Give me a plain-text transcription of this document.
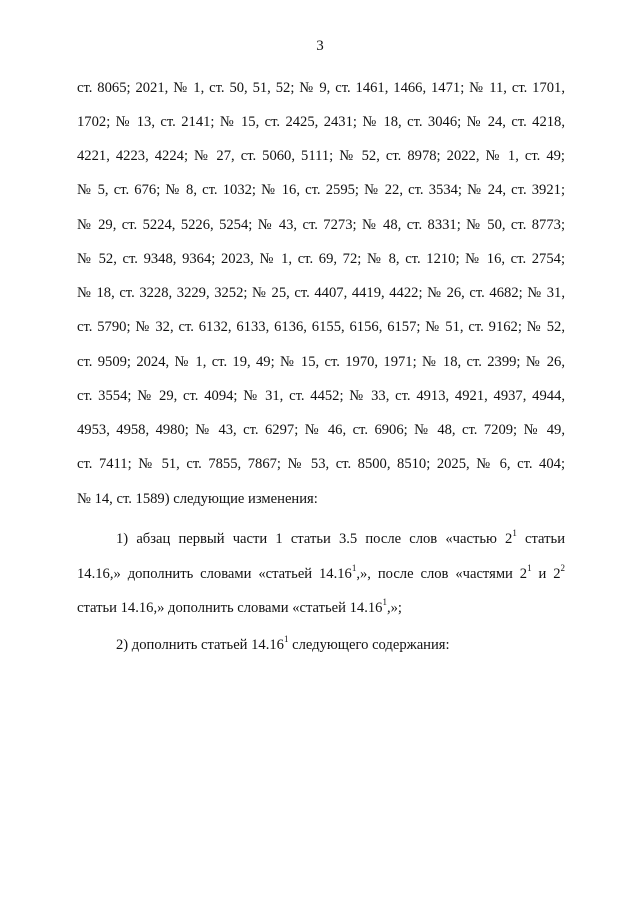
3
ст. 8065; 2021, № 1, ст. 50, 51, 52; № 9, ст. 1461, 1466, 1471; № 11, ст. 1701,
1702; № 13, ст. 2141; № 15, ст. 2425, 2431; № 18, ст. 3046; № 24, ст. 4218,
4221, 4223, 4224; № 27, ст. 5060, 5111; № 52, ст. 8978; 2022, № 1, ст. 49;
№ 5, ст. 676; № 8, ст. 1032; № 16, ст. 2595; № 22, ст. 3534; № 24, ст. 3921;
№ 29, ст. 5224, 5226, 5254; № 43, ст. 7273; № 48, ст. 8331; № 50, ст. 8773;
№ 52, ст. 9348, 9364; 2023, № 1, ст. 69, 72; № 8, ст. 1210; № 16, ст. 2754;
№ 18, ст. 3228, 3229, 3252; № 25, ст. 4407, 4419, 4422; № 26, ст. 4682; № 31,
ст. 5790; № 32, ст. 6132, 6133, 6136, 6155, 6156, 6157; № 51, ст. 9162; № 52,
ст. 9509; 2024, № 1, ст. 19, 49; № 15, ст. 1970, 1971; № 18, ст. 2399; № 26,
ст. 3554; № 29, ст. 4094; № 31, ст. 4452; № 33, ст. 4913, 4921, 4937, 4944,
4953, 4958, 4980; № 43, ст. 6297; № 46, ст. 6906; № 48, ст. 7209; № 49,
ст. 7411; № 51, ст. 7855, 7867; № 53, ст. 8500, 8510; 2025, № 6, ст. 404;
№ 14, ст. 1589) следующие изменения:
1) абзац первый части 1 статьи 3.5 после слов «частью $2^1$ статьи
14.16,» дополнить словами «статьей 14.16$^1$,», после слов «частями $2^1$ и $2^2$
статьи 14.16,» дополнить словами «статьей 14.16$^1$,»;
2) дополнить статьей 14.16$^1$ следующего содержания:
